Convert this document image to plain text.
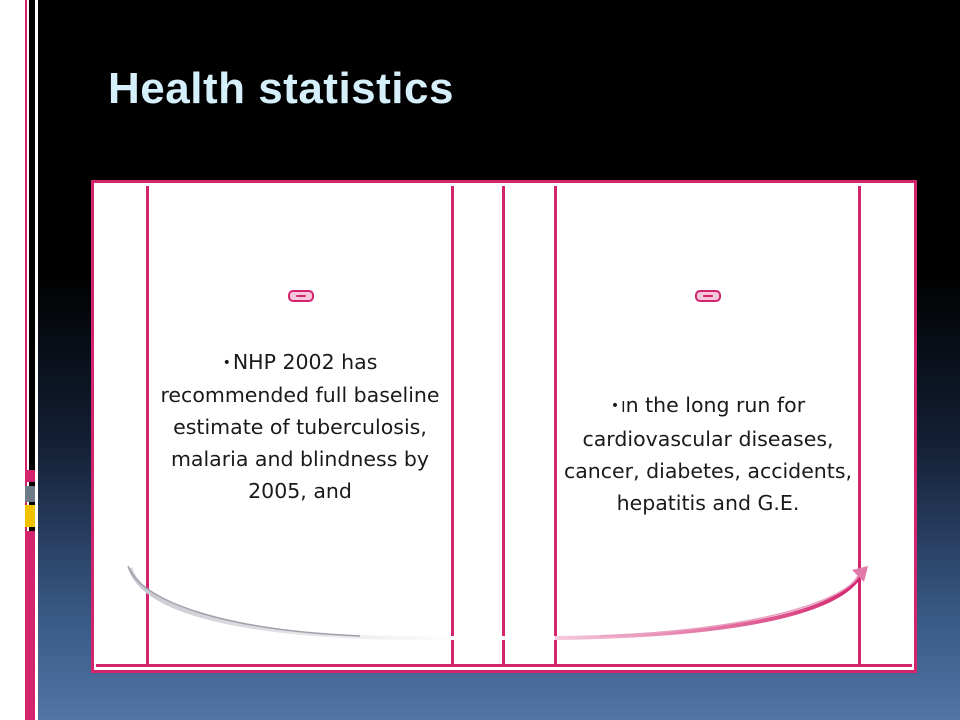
Health statistics
•NHP 2002 has recommended full baseline estimate of tuberculosis, malaria and blindness by 2005, and
• In the long run for cardiovascular diseases, cancer, diabetes, accidents, hepatitis and G.E.
